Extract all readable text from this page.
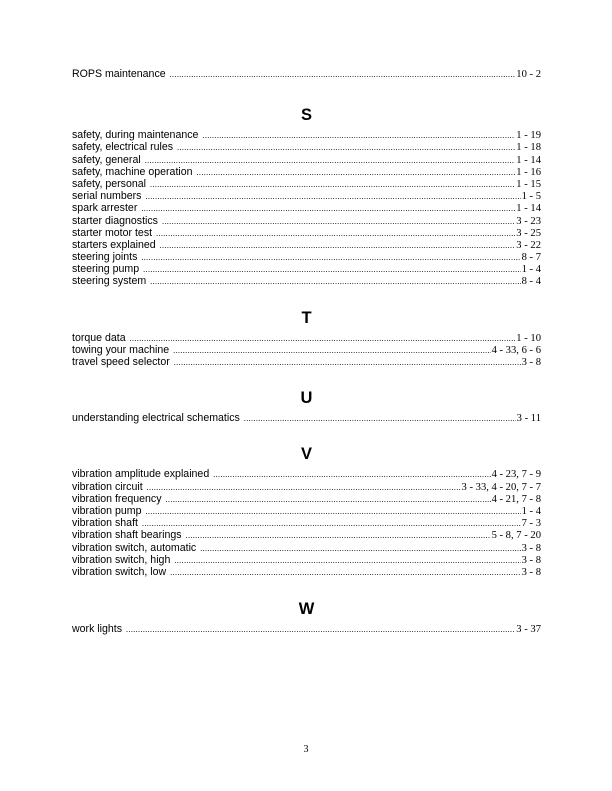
ROPS maintenance .....	10 - 2
S
safety, during maintenance .....	1 - 19
safety, electrical rules .....	1 - 18
safety, general .....	1 - 14
safety, machine operation .....	1 - 16
safety, personal .....	1 - 15
serial numbers .....	1 - 5
spark arrester .....	1 - 14
starter diagnostics .....	3 - 23
starter motor test .....	3 - 25
starters explained .....	3 - 22
steering joints .....	8 - 7
steering pump .....	1 - 4
steering system .....	8 - 4
T
torque data .....	1 - 10
towing your machine .....	4 - 33, 6 - 6
travel speed selector .....	3 - 8
U
understanding electrical schematics .....	3 - 11
V
vibration amplitude explained .....	4 - 23, 7 - 9
vibration circuit .....	3 - 33, 4 - 20, 7 - 7
vibration frequency .....	4 - 21, 7 - 8
vibration pump .....	1 - 4
vibration shaft .....	7 - 3
vibration shaft bearings .....	5 - 8, 7 - 20
vibration switch, automatic .....	3 - 8
vibration switch, high .....	3 - 8
vibration switch, low .....	3 - 8
W
work lights .....	3 - 37
3
